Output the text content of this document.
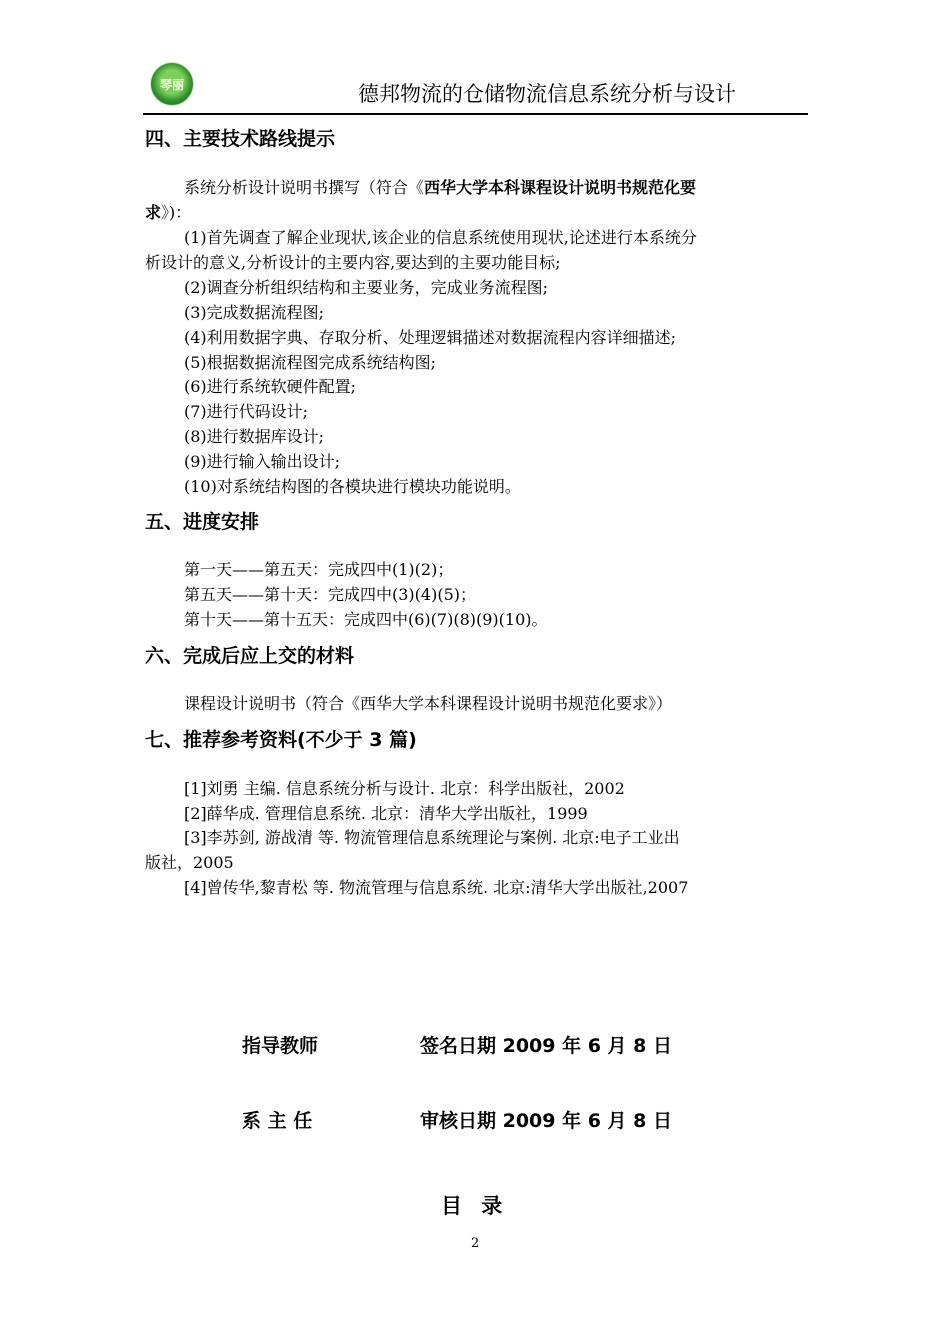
琴丽	德邦物流的仓储物流信息系统分析与设计
四、主要技术路线提示
系统分析设计说明书撰写（符合《西华大学本科课程设计说明书规范化要
求》)：
(1)首先调查了解企业现状,该企业的信息系统使用现状,论述进行本系统分
析设计的意义,分析设计的主要内容,要达到的主要功能目标;
(2)调查分析组织结构和主要业务，完成业务流程图;
(3)完成数据流程图;
(4)利用数据字典、存取分析、处理逻辑描述对数据流程内容详细描述;
(5)根据数据流程图完成系统结构图;
(6)进行系统软硬件配置;
(7)进行代码设计;
(8)进行数据库设计;
(9)进行输入输出设计;
(10)对系统结构图的各模块进行模块功能说明。
五、进度安排
第一天——第五天：完成四中(1)(2)；
第五天——第十天：完成四中(3)(4)(5)；
第十天——第十五天：完成四中(6)(7)(8)(9)(10)。
六、完成后应上交的材料
课程设计说明书（符合《西华大学本科课程设计说明书规范化要求》）
七、推荐参考资料(不少于 3 篇)
[1]刘勇 主编. 信息系统分析与设计. 北京：科学出版社，2002
[2]薛华成. 管理信息系统. 北京：清华大学出版社，1999
[3]李苏剑, 游战清 等. 物流管理信息系统理论与案例. 北京:电子工业出
版社，2005
[4]曾传华,黎青松 等. 物流管理与信息系统. 北京:清华大学出版社,2007
指导教师	签名日期 2009 年 6 月 8 日
系 主 任	审核日期 2009 年 6 月 8 日
目 录
2
